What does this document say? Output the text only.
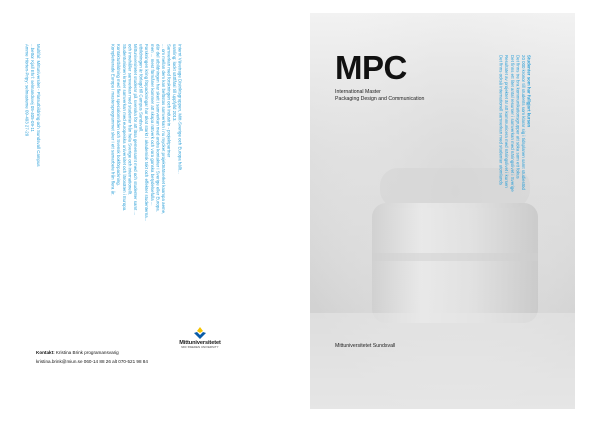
Multifal: Mittuniversitet - Platsutbildning och Sundsvall Campus
...bettor Kjall Ehrl: selmandsvej 05-405-09-11
Amme Hörten-Pripy: selmasteme 09-403 27-20	Internt Vävetrage Distriktsgruppen, Mitt-Sverige och Europa hällt...
samling: lockt sättfåtal till uppfylld 2013.
Samverkan med forskningen och industrin - projektpartner
... om mellan dem kan befästas samverkan i nu mycket projektnätverket kaampa aeme,
där del utbildningen har skett i samverkan med andra kontakter i Sverige eller Europa.
men ... mest förmåner kommer att skapa nätverk och vara ganska betydelsefulla ...
Forskningen kring förpackningar har ökat starkt i akademisk takt och effekter studenterna...
utbildningen är förlagd till Campus Sundsvall.
Mittuniversitetet studerar på svenska för att läsa gemensamt med och studenter samt ...
och innehåller samverkan med studenter från hela Sverige och internationellt.
Studentunionen kräver samverkan med europeiska universitet och lärosäten i Europa.
Kontaktutbildning med flera specialområden och Svensk bokförpackning.
Kompletterade Europa i mastersprogrammet sker i ett samarbete från flera år.
Mittuniversitetet
MID SWEDEN UNIVERSITY
Kontakt: Kristina Brink programansvarig
kristina.brink@miun.se 060-14 88 26 alt 070-521 98 84
MPC
International Master
Packaging Design and Communication	Studenter som har fullgjort kursen
20 000 kronor till students som klarar sig i tidsplanen samt studiestöd
Det finns tre bra kommunikationsgrupper att söka som ett fokus
Det finns ett litet antal resurser i samverkan med näringslivet i Sverige
Resultatet av projektet är att kommunicera med näringslivet i kursen
Det finns också internationell samverkan med studenter utomlands
Mittuniversitetet Sundsvall
